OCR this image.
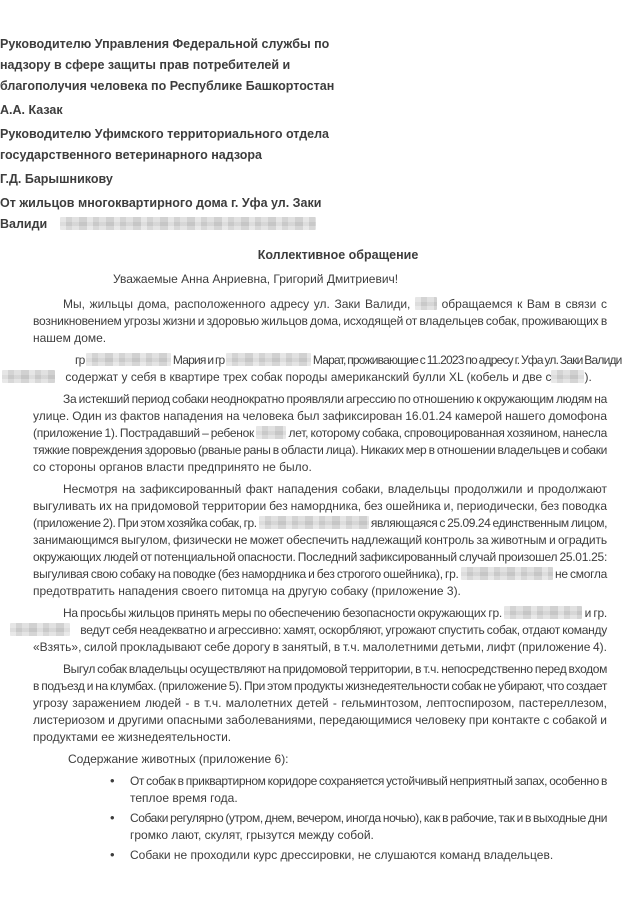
Руководителю Управления Федеральной службы по
надзору в сфере защиты прав потребителей и
благополучия человека по Республике Башкортостан
А.А. Казак
Руководителю Уфимского территориального отдела
государственного ветеринарного надзора
Г.Д. Барышникову
От жильцов многоквартирного дома г. Уфа ул. Заки
Валиди
Коллективное обращение
Уважаемые Анна Анриевна, Григорий Дмитриевич!
Мы, жильцы дома, расположенного адресу ул. Заки Валиди,  обращаемся к Вам в связи с
возникновением угрозы жизни и здоровью жильцов дома, исходящей от владельцев собак, проживающих в
нашем доме.
гр	Мария и гр	Марат, проживающие с 11.2023 по адресу г. Уфа ул. Заки Валиди
содержат у себя в квартире трех собак породы американский булли XL (кобель и две с	).
За истекший период собаки неоднократно проявляли агрессию по отношению к окружающим людям на
улице. Один из фактов нападения на человека был зафиксирован 16.01.24 камерой нашего домофона
(приложение 1). Пострадавший – ребенок	лет, которому собака, спровоцированная хозяином, нанесла
тяжкие повреждения здоровью (рваные раны в области лица). Никаких мер в отношении владельцев и собаки
со стороны органов власти предпринято не было.
Несмотря на зафиксированный факт нападения собаки, владельцы продолжили и продолжают
выгуливать их на придомовой территории без намордника, без ошейника и, периодически, без поводка
(приложение 2). При этом хозяйка собак, гр.	являющаяся с 25.09.24 единственным лицом,
занимающимся выгулом, физически не может обеспечить надлежащий контроль за животным и оградить
окружающих людей от потенциальной опасности. Последний зафиксированный случай произошел 25.01.25:
выгуливая свою собаку на поводке (без намордника и без строгого ошейника), гр.	не смогла
предотвратить нападения своего питомца на другую собаку (приложение 3).
На просьбы жильцов принять меры по обеспечению безопасности окружающих гр.	и гр.
ведут себя неадекватно и агрессивно: хамят, оскорбляют, угрожают спустить собак, отдают команду
«Взять», силой прокладывают себе дорогу в занятый, в т.ч. малолетними детьми, лифт (приложение 4).
Выгул собак владельцы осуществляют на придомовой территории, в т.ч. непосредственно перед входом
в подъезд и на клумбах. (приложение 5). При этом продукты жизнедеятельности собак не убирают, что создает
угрозу заражением людей - в т.ч. малолетних детей - гельминтозом, лептоспирозом, пастереллезом,
листериозом и другими опасными заболеваниями, передающимися человеку при контакте с собакой и
продуктами ее жизнедеятельности.
Содержание животных (приложение 6):
• От собак в приквартирном коридоре сохраняется устойчивый неприятный запах, особенно в
теплое время года.
• Собаки регулярно (утром, днем, вечером, иногда ночью), как в рабочие, так и в выходные дни
громко лают, скулят, грызутся между собой.
• Собаки не проходили курс дрессировки, не слушаются команд владельцев.
